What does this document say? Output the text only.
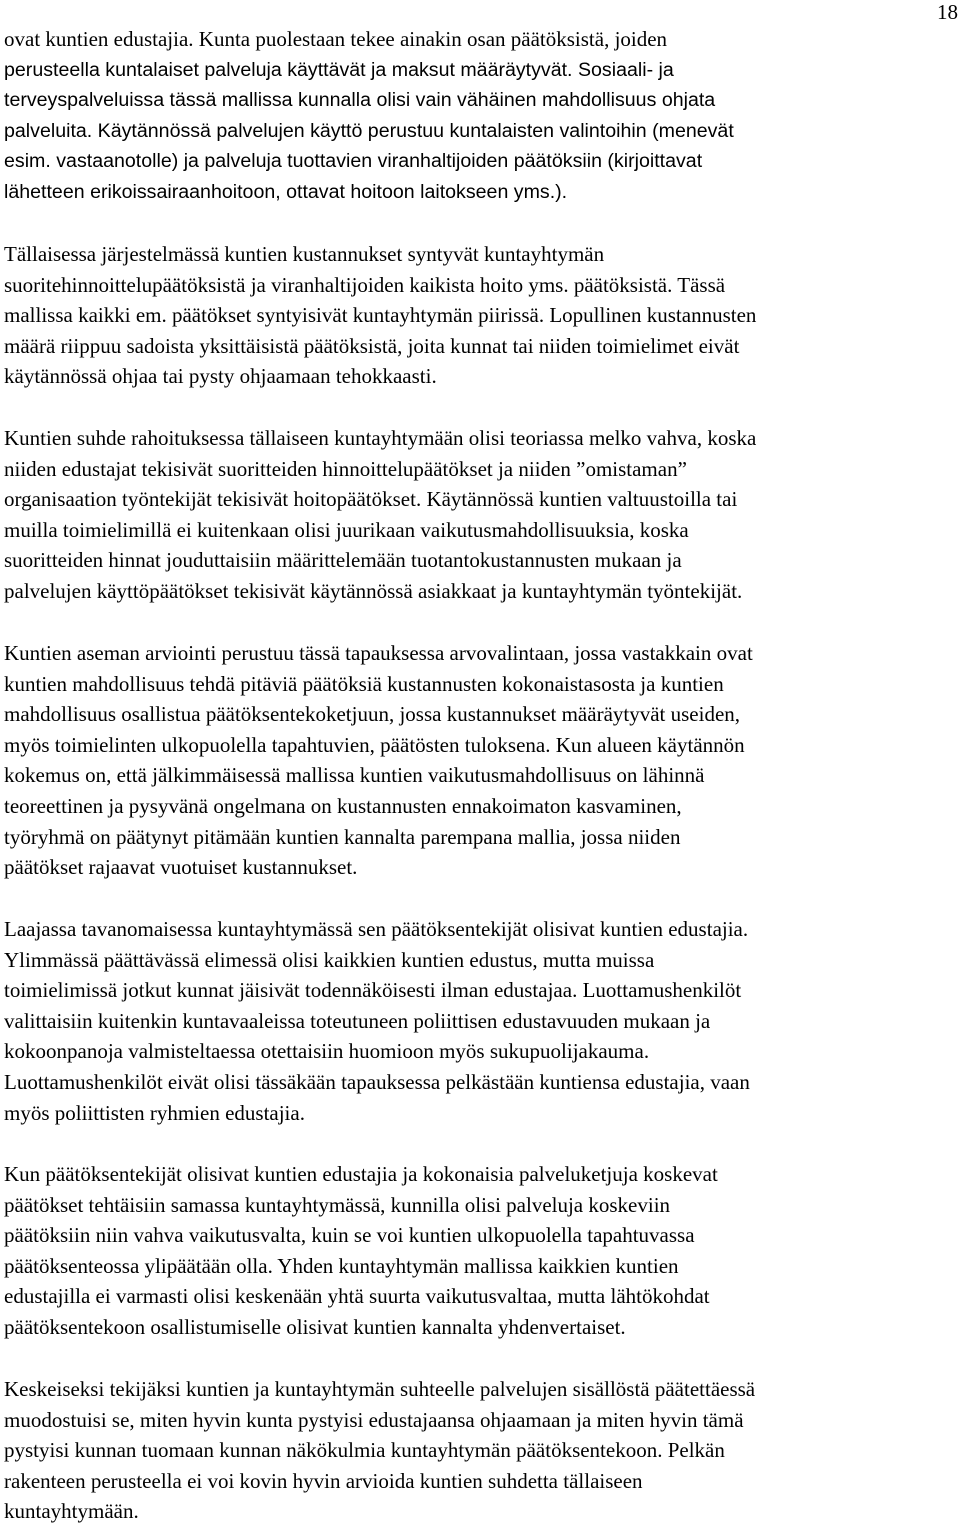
18
ovat kuntien edustajia. Kunta puolestaan tekee ainakin osan päätöksistä, joiden
perusteella kuntalaiset palveluja käyttävät ja maksut määräytyvät. Sosiaali- ja
terveyspalveluissa tässä mallissa kunnalla olisi vain vähäinen mahdollisuus ohjata
palveluita. Käytännössä palvelujen käyttö perustuu kuntalaisten valintoihin (menevät
esim. vastaanotolle) ja palveluja tuottavien viranhaltijoiden päätöksiin (kirjoittavat
lähetteen erikoissairaanhoitoon, ottavat hoitoon laitokseen yms.).
Tällaisessa järjestelmässä kuntien kustannukset syntyvät kuntayhtymän
suoritehinnoittelupäätöksistä ja viranhaltijoiden kaikista hoito yms. päätöksistä. Tässä
mallissa kaikki em. päätökset syntyisivät kuntayhtymän piirissä. Lopullinen kustannusten
määrä riippuu sadoista yksittäisistä päätöksistä, joita kunnat tai niiden toimielimet eivät
käytännössä ohjaa tai pysty ohjaamaan tehokkaasti.
Kuntien suhde rahoituksessa tällaiseen kuntayhtymään olisi teoriassa melko vahva, koska
niiden edustajat tekisivät suoritteiden hinnoittelupäätökset ja niiden ”omistaman”
organisaation työntekijät tekisivät hoitopäätökset. Käytännössä kuntien valtuustoilla tai
muilla toimielimillä ei kuitenkaan olisi juurikaan vaikutusmahdollisuuksia, koska
suoritteiden hinnat jouduttaisiin määrittelemään tuotantokustannusten mukaan ja
palvelujen käyttöpäätökset tekisivät käytännössä asiakkaat ja kuntayhtymän työntekijät.
Kuntien aseman arviointi perustuu tässä tapauksessa arvovalintaan, jossa vastakkain ovat
kuntien mahdollisuus tehdä pitäviä päätöksiä kustannusten kokonaistasosta ja kuntien
mahdollisuus osallistua päätöksentekoketjuun, jossa kustannukset määräytyvät useiden,
myös toimielinten ulkopuolella tapahtuvien, päätösten tuloksena. Kun alueen käytännön
kokemus on, että jälkimmäisessä mallissa kuntien vaikutusmahdollisuus on lähinnä
teoreettinen ja pysyvänä ongelmana on kustannusten ennakoimaton kasvaminen,
työryhmä on päätynyt pitämään kuntien kannalta parempana mallia, jossa niiden
päätökset rajaavat vuotuiset kustannukset.
Laajassa tavanomaisessa kuntayhtymässä sen päätöksentekijät olisivat kuntien edustajia.
Ylimmässä päättävässä elimessä olisi kaikkien kuntien edustus, mutta muissa
toimielimissä jotkut kunnat jäisivät todennäköisesti ilman edustajaa. Luottamushenkilöt
valittaisiin kuitenkin kuntavaaleissa toteutuneen poliittisen edustavuuden mukaan ja
kokoonpanoja valmisteltaessa otettaisiin huomioon myös sukupuolijakauma.
Luottamushenkilöt eivät olisi tässäkään tapauksessa pelkästään kuntiensa edustajia, vaan
myös poliittisten ryhmien edustajia.
Kun päätöksentekijät olisivat kuntien edustajia ja kokonaisia palveluketjuja koskevat
päätökset tehtäisiin samassa kuntayhtymässä, kunnilla olisi palveluja koskeviin
päätöksiin niin vahva vaikutusvalta, kuin se voi kuntien ulkopuolella tapahtuvassa
päätöksenteossa ylipäätään olla. Yhden kuntayhtymän mallissa kaikkien kuntien
edustajilla ei varmasti olisi keskenään yhtä suurta vaikutusvaltaa, mutta lähtökohdat
päätöksentekoon osallistumiselle olisivat kuntien kannalta yhdenvertaiset.
Keskeiseksi tekijäksi kuntien ja kuntayhtymän suhteelle palvelujen sisällöstä päätettäessä
muodostuisi se, miten hyvin kunta pystyisi edustajaansa ohjaamaan ja miten hyvin tämä
pystyisi kunnan tuomaan kunnan näkökulmia kuntayhtymän päätöksentekoon. Pelkän
rakenteen perusteella ei voi kovin hyvin arvioida kuntien suhdetta tällaiseen
kuntayhtymään.
